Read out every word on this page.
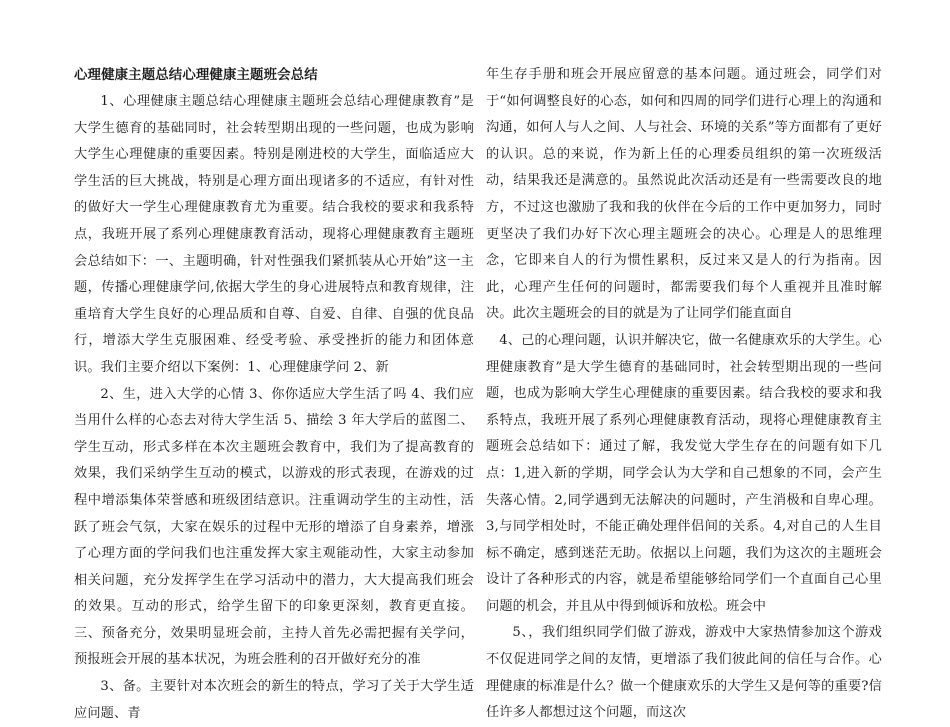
心理健康主题总结心理健康主题班会总结

1、心理健康主题总结心理健康主题班会总结心理健康教育”是大学生德育的基础同时，社会转型期出现的一些问题，也成为影响大学生心理健康的重要因素。特别是刚进校的大学生，面临适应大学生活的巨大挑战，特别是心理方面出现诸多的不适应，有针对性的做好大一学生心理健康教育尤为重要。结合我校的要求和我系特点，我班开展了系列心理健康教育活动，现将心理健康教育主题班会总结如下：一、主题明确，针对性强我们紧抓装从心开始”这一主题，传播心理健康学问,依据大学生的身心进展特点和教育规律，注重培育大学生良好的心理品质和自尊、自爱、自律、自强的优良品行，增添大学生克服困难、经受考验、承受挫折的能力和团体意识。我们主要介绍以下案例：1、心理健康学问 2、新

2、生，进入大学的心情 3、你你适应大学生活了吗 4、我们应当用什么样的心态去对待大学生活 5、描绘 3 年大学后的蓝图二、学生互动，形式多样在本次主题班会教育中，我们为了提高教育的效果，我们采纳学生互动的模式，以游戏的形式表现，在游戏的过程中增添集体荣誉感和班级团结意识。注重调动学生的主动性，活跃了班会气氛，大家在娱乐的过程中无形的增添了自身素养，增涨了心理方面的学问我们也注重发挥大家主观能动性，大家主动参加相关问题，充分发挥学生在学习活动中的潜力，大大提高我们班会的效果。互动的形式，给学生留下的印象更深刻，教育更直接。三、预备充分，效果明显班会前，主持人首先必需把握有关学问，预报班会开展的基本状况，为班会胜利的召开做好充分的准

3、备。主要针对本次班会的新生的特点，学习了关于大学生适应问题、青

年生存手册和班会开展应留意的基本问题。通过班会，同学们对于“如何调整良好的心态，如何和四周的同学们进行心理上的沟通和沟通，如何人与人之间、人与社会、环境的关系”等方面都有了更好的认识。总的来说，作为新上任的心理委员组织的第一次班级活动，结果我还是满意的。虽然说此次活动还是有一些需要改良的地方，不过这也激励了我和我的伙伴在今后的工作中更加努力，同时更坚决了我们办好下次心理主题班会的决心。心理是人的思维理念，它即来自人的行为惯性累积，反过来又是人的行为指南。因此，心理产生任何的问题时，都需要我们每个人重视并且准时解决。此次主题班会的目的就是为了让同学们能直面自

4、己的心理问题，认识并解决它，做一名健康欢乐的大学生。心理健康教育”是大学生德育的基础同时，社会转型期出现的一些问题，也成为影响大学生心理健康的重要因素。结合我校的要求和我系特点，我班开展了系列心理健康教育活动，现将心理健康教育主题班会总结如下：通过了解，我发觉大学生存在的问题有如下几点：1,进入新的学期，同学会认为大学和自己想象的不同，会产生失落心情。2,同学遇到无法解决的问题时，产生消极和自卑心理。3,与同学相处时，不能正确处理伴侣间的关系。4,对自己的人生目标不确定，感到迷茫无助。依据以上问题，我们为这次的主题班会设计了各种形式的内容，就是希望能够给同学们一个直面自己心里问题的机会，并且从中得到倾诉和放松。班会中

5、，我们组织同学们做了游戏，游戏中大家热情参加这个游戏不仅促进同学之间的友情，更增添了我们彼此间的信任与合作。心理健康的标准是什么？做一个健康欢乐的大学生又是何等的重要?信任许多人都想过这个问题，而这次
